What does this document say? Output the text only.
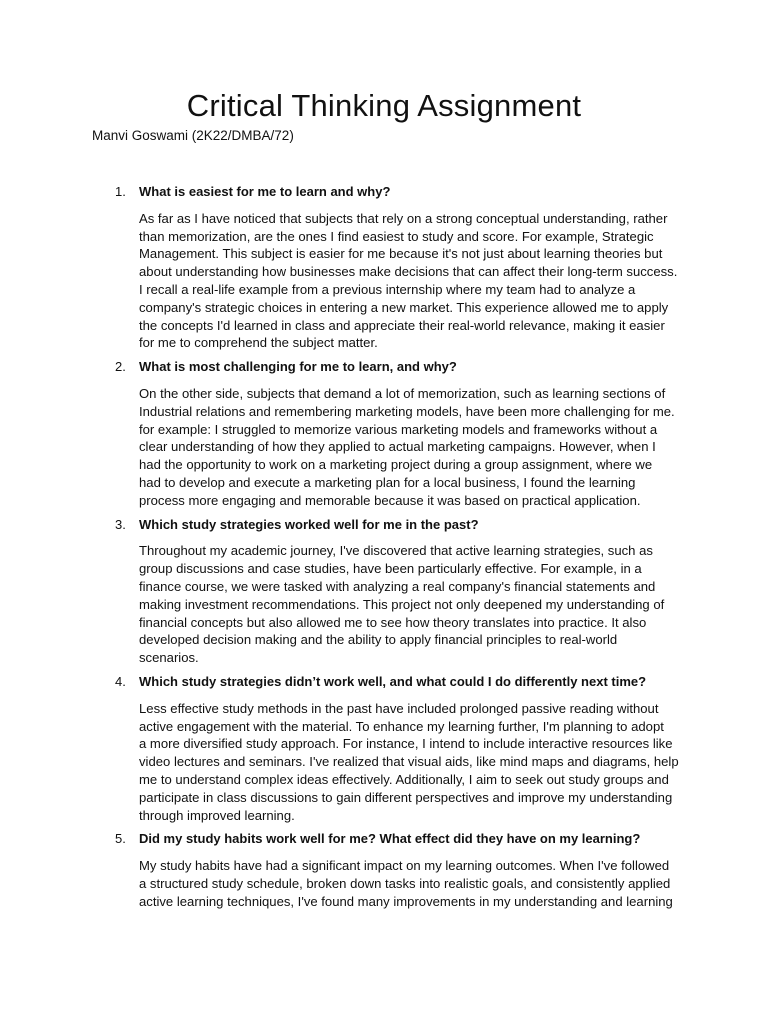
Critical Thinking Assignment
Manvi Goswami (2K22/DMBA/72)
1. What is easiest for me to learn and why?

As far as I have noticed that subjects that rely on a strong conceptual understanding, rather
than memorization, are the ones I find easiest to study and score. For example, Strategic
Management. This subject is easier for me because it's not just about learning theories but
about understanding how businesses make decisions that can affect their long-term success.
I recall a real-life example from a previous internship where my team had to analyze a
company's strategic choices in entering a new market. This experience allowed me to apply
the concepts I'd learned in class and appreciate their real-world relevance, making it easier
for me to comprehend the subject matter.
2. What is most challenging for me to learn, and why?

On the other side, subjects that demand a lot of memorization, such as learning sections of
Industrial relations and remembering marketing models, have been more challenging for me.
for example: I struggled to memorize various marketing models and frameworks without a
clear understanding of how they applied to actual marketing campaigns. However, when I
had the opportunity to work on a marketing project during a group assignment, where we
had to develop and execute a marketing plan for a local business, I found the learning
process more engaging and memorable because it was based on practical application.
3. Which study strategies worked well for me in the past?

Throughout my academic journey, I've discovered that active learning strategies, such as
group discussions and case studies, have been particularly effective. For example, in a
finance course, we were tasked with analyzing a real company's financial statements and
making investment recommendations. This project not only deepened my understanding of
financial concepts but also allowed me to see how theory translates into practice. It also
developed decision making and the ability to apply financial principles to real-world
scenarios.
4. Which study strategies didn’t work well, and what could I do differently next time?

Less effective study methods in the past have included prolonged passive reading without
active engagement with the material. To enhance my learning further, I'm planning to adopt
a more diversified study approach. For instance, I intend to include interactive resources like
video lectures and seminars. I've realized that visual aids, like mind maps and diagrams, help
me to understand complex ideas effectively. Additionally, I aim to seek out study groups and
participate in class discussions to gain different perspectives and improve my understanding
through improved learning.
5. Did my study habits work well for me? What effect did they have on my learning?

My study habits have had a significant impact on my learning outcomes. When I've followed
a structured study schedule, broken down tasks into realistic goals, and consistently applied
active learning techniques, I've found many improvements in my understanding and learning
